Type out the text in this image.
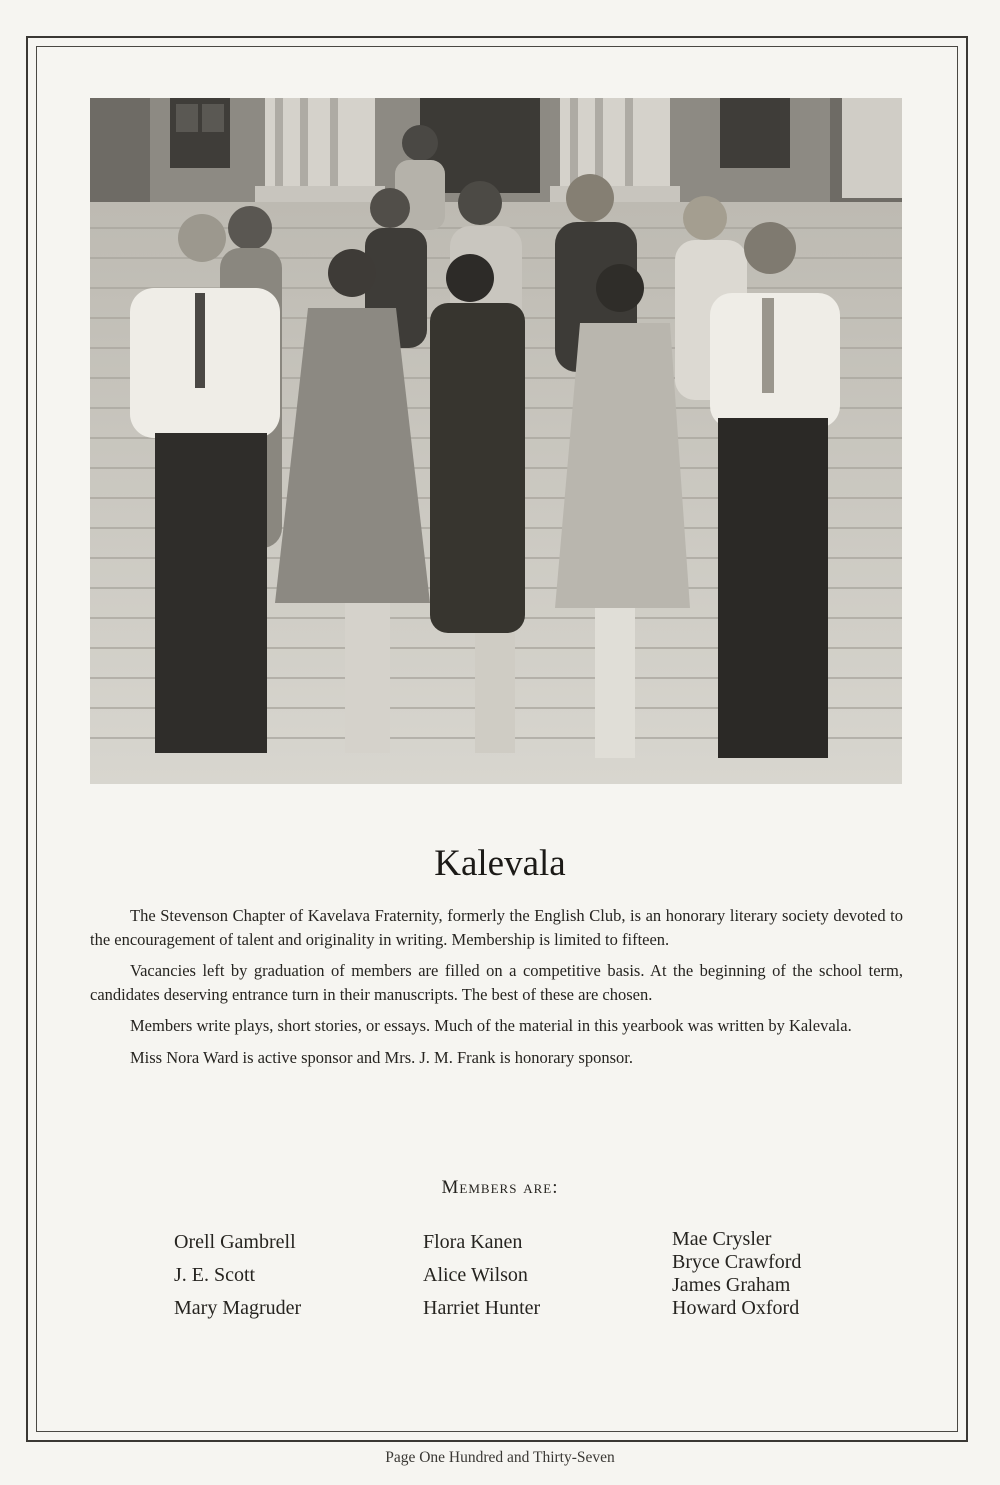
Kalevala

The Stevenson Chapter of Kavelava Fraternity, formerly the English Club, is an honorary literary society devoted to the encouragement of talent and originality in writing. Membership is limited to fifteen.

Vacancies left by graduation of members are filled on a competitive basis. At the beginning of the school term, candidates deserving entrance turn in their manuscripts. The best of these are chosen.

Members write plays, short stories, or essays. Much of the material in this yearbook was written by Kalevala.

Miss Nora Ward is active sponsor and Mrs. J. M. Frank is honorary sponsor.

Members are:
Orell Gambrell
J. E. Scott
Mary Magruder
Flora Kanen
Alice Wilson
Harriet Hunter
Mae Crysler
Bryce Crawford
James Graham
Howard Oxford
Page One Hundred and Thirty-Seven
